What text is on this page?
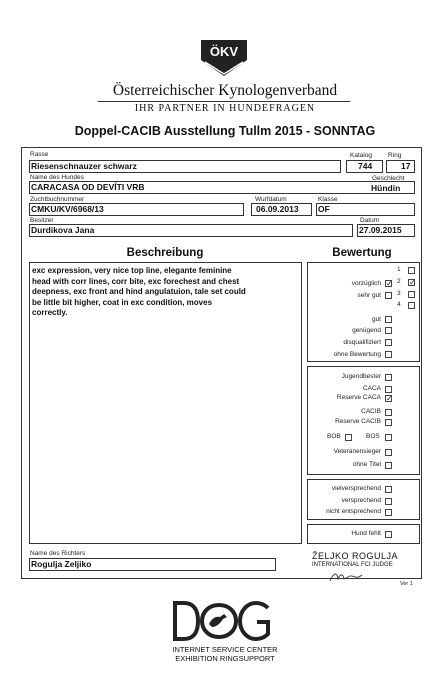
ÖKV
Österreichischer Kynologenverband
IHR PARTNER IN HUNDEFRAGEN
Doppel-CACIB Ausstellung Tullm 2015 - SONNTAG
Rasse
Riesenschnauzer schwarz
Katalog
744
Ring
17
Name des Hundes
CARACASA OD DEVÍTI VRB
Geschlecht
Hündin
Zuchtbuchnummer
CMKU/KV/6968/13
Wurfdatum
06.09.2013
Klasse
OF
Besitzer
Durdikova Jana
Datum
27.09.2015
Beschreibung	Bewertung
exc expression, very nice top line, elegante feminine
head with corr lines, corr bite, exc forechest and chest
deepness, exc front and hind angulatuion, tale set could
be little bit higher, coat in exc condition, moves
correctly.
1
2 ✓
3
4
vorzüglich ✓
sehr gut
gut
genügend
disqualifiziert
ohne Bewertung
Jugendbester
CACA
Reserve CACA ✓
CACIB
Reserve CACIB
BOB	BOS
Veteranensieger
ohne Titel
vielversprechend
versprechend
nicht entsprechend
Hund fehlt
Name des Richters
Rogulja Zeljiko
ŽELJKO ROGULJA
INTERNATIONAL FCI JUDGE
Ver 1
INTERNET SERVICE CENTER
EXHIBITION RINGSUPPORT
